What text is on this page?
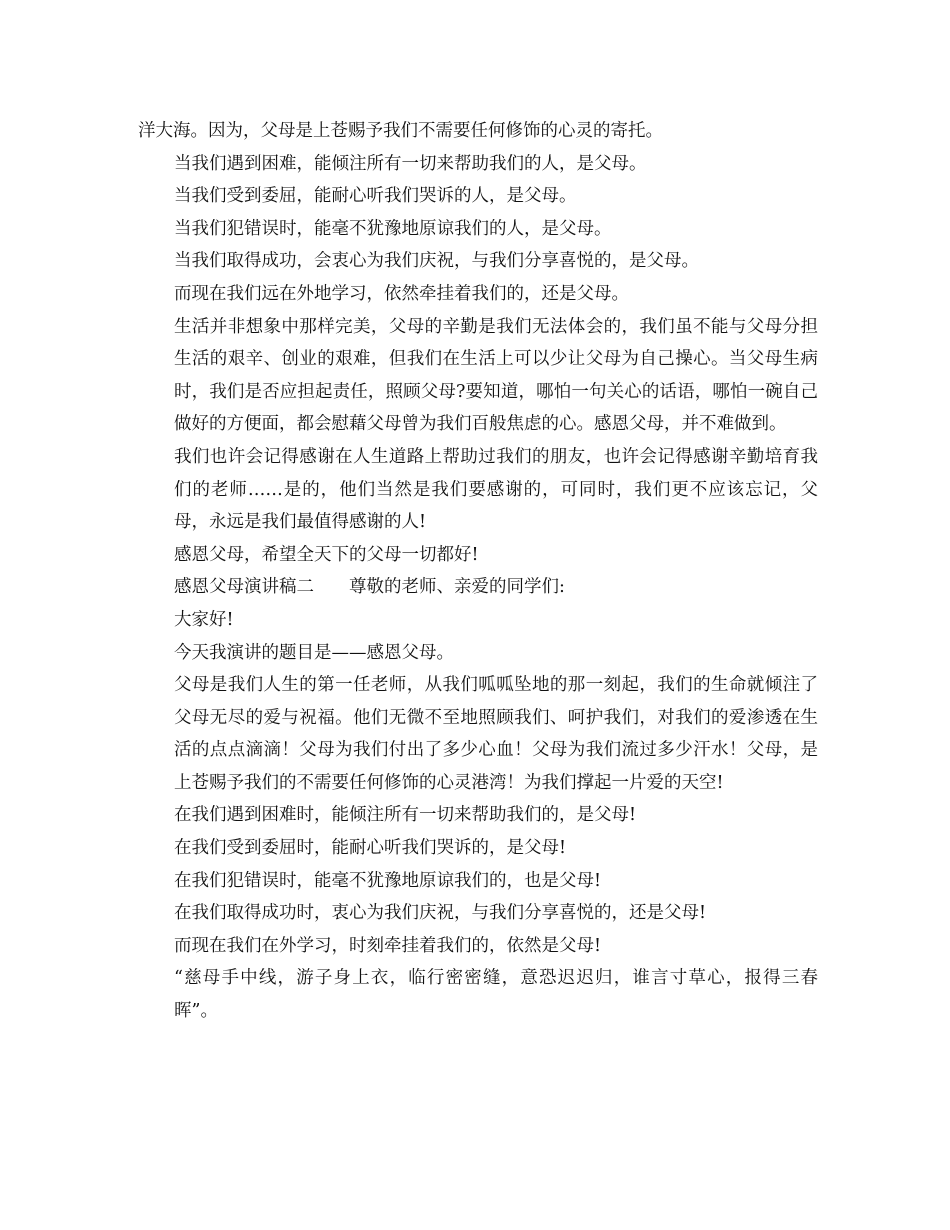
洋大海。因为，父母是上苍赐予我们不需要任何修饰的心灵的寄托。

当我们遇到困难，能倾注所有一切来帮助我们的人，是父母。

当我们受到委屈，能耐心听我们哭诉的人，是父母。

当我们犯错误时，能毫不犹豫地原谅我们的人，是父母。

当我们取得成功，会衷心为我们庆祝，与我们分享喜悦的，是父母。

而现在我们远在外地学习，依然牵挂着我们的，还是父母。

生活并非想象中那样完美，父母的辛勤是我们无法体会的，我们虽不能与父母分担生活的艰辛、创业的艰难，但我们在生活上可以少让父母为自己操心。当父母生病时，我们是否应担起责任，照顾父母?要知道，哪怕一句关心的话语，哪怕一碗自己做好的方便面，都会慰藉父母曾为我们百般焦虑的心。感恩父母，并不难做到。

我们也许会记得感谢在人生道路上帮助过我们的朋友，也许会记得感谢辛勤培育我们的老师……是的，他们当然是我们要感谢的，可同时，我们更不应该忘记，父母，永远是我们最值得感谢的人!

感恩父母，希望全天下的父母一切都好!

感恩父母演讲稿二　　尊敬的老师、亲爱的同学们:

大家好!

今天我演讲的题目是——感恩父母。

父母是我们人生的第一任老师，从我们呱呱坠地的那一刻起，我们的生命就倾注了父母无尽的爱与祝福。他们无微不至地照顾我们、呵护我们，对我们的爱渗透在生活的点点滴滴！父母为我们付出了多少心血！父母为我们流过多少汗水！父母，是上苍赐予我们的不需要任何修饰的心灵港湾！为我们撑起一片爱的天空!

在我们遇到困难时，能倾注所有一切来帮助我们的，是父母!

在我们受到委屈时，能耐心听我们哭诉的，是父母!

在我们犯错误时，能毫不犹豫地原谅我们的，也是父母!

在我们取得成功时，衷心为我们庆祝，与我们分享喜悦的，还是父母!

而现在我们在外学习，时刻牵挂着我们的，依然是父母!

“慈母手中线，游子身上衣，临行密密缝，意恐迟迟归，谁言寸草心，报得三春晖”。
